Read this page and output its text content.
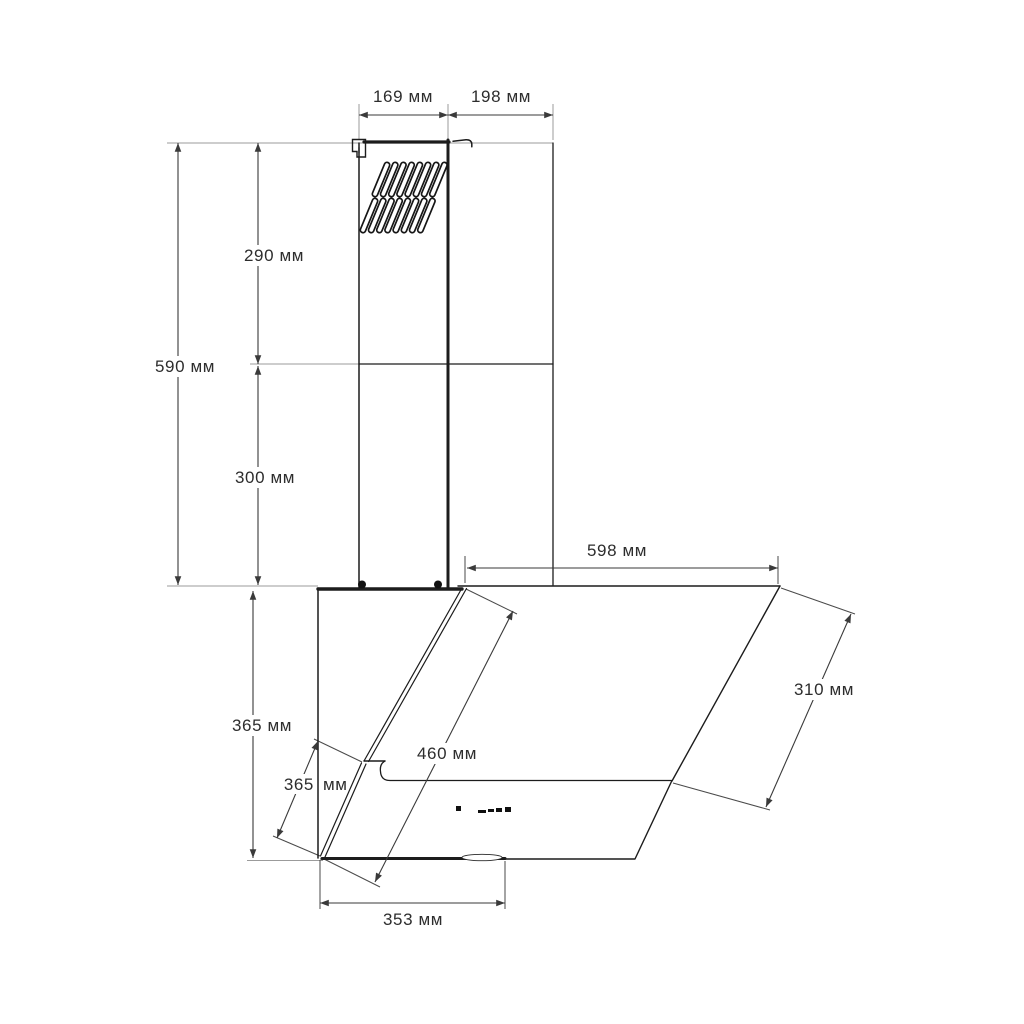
169 мм 198 мм
590 мм
290 мм
300 мм
365 мм
598 мм
310 мм
460 мм
353 мм
365 мм
